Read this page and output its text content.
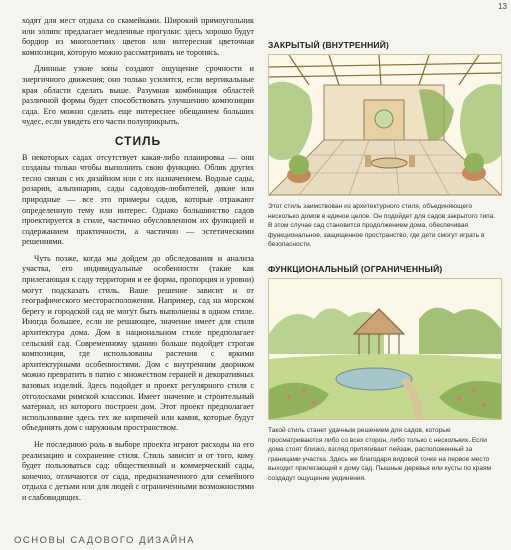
13

ходят для мест отдыха со скамейками. Широкий прямоугольник или эллипс предлагает медленные прогулки: здесь хорошо будут бордюр из многолетних цветов или интересная цветочная композиция, которую можно рассматривать не торопясь.

Длинные узкие зоны создают ощущение срочности и энергичного движения; оно только усилится, если вертикальные края области сделать выше. Разумная комбинация областей различной формы будет способствовать улучшению композиции сада. Его можно сделать еще интереснее обещанием больших чудес, если увидеть его части полуприкрыть.

СТИЛЬ

В некоторых садах отсутствует какая-либо планировка — они созданы только чтобы выполнить свою функцию. Облик других тесно связан с их дизайном или с их назначением. Водные сады, розарии, альпинарии, сады садоводов-любителей, дикие или природные — все это примеры садов, которые отражают определенную тему или интерес. Однако большинство садов проектируется в стиле, частично обусловленном их функцией и содержанием практичности, а частично — эстетическими решениями.

Чуть позже, когда мы дойдем до обследования и анализа участка, его индивидуальные особенности (такие как прилегающая к саду территория и ее форма, пропорция и уровни) могут подсказать стиль. Ваше решение зависит и от географического месторасположения. Например, сад на морском берегу и городской сад не могут быть выполнены в одном стиле. Иногда большее, если не решающее, значение имеет для стиля архитектура дома. Дом в национальном стиле предполагает сельский сад. Современному зданию больше подойдет строгая композиция, где использованы растения с яркими архитектурными особенностями. Дом с внутренним двориком можно превратить в патио с множеством гераней и декоративных вазовых изделий. Здесь подойдет и проект регулярного стиля с отголосками римской классики. Имеет значение и строительный материал, из которого построен дом. Этот проект предполагает использование здесь тех же кирпичей или камня, которые будут объединять дом с наружным пространством.

Не последнюю роль в выборе проекта играют расходы на его реализацию и сохранение стиля. Стиль зависит и от того, кому будет пользоваться сад: общественный и коммерческий сады, конечно, отличаются от сада, предназначенного для семейного отдыха с детьми или для людей с ограниченными возможностями и слабовидящих.

ЗАКРЫТЫЙ (ВНУТРЕННИЙ)
Этот стиль заимствован из архитектурного стиля, объединяющего несколько домов в единое целое. Он подойдет для садов закрытого типа. В этом случае сад становится продолжением дома, обеспечивая функциональное, защищенное пространство, где дети смогут играть в безопасности.
ФУНКЦИОНАЛЬНЫЙ (ОГРАНИЧЕННЫЙ)
Такой стиль станет удачным решением для садов, которые просматриваются либо со всех сторон, либо только с нескольких. Если дома стоят близко, взгляд притягивает пейзаж, расположенный за границами участка. Здесь же благодаря видовой точке на первое место выходит прилегающий к дому сад. Пышные деревья или кусты по краям создадут ощущение уединения.
ОСНОВЫ САДОВОГО ДИЗАЙНА
